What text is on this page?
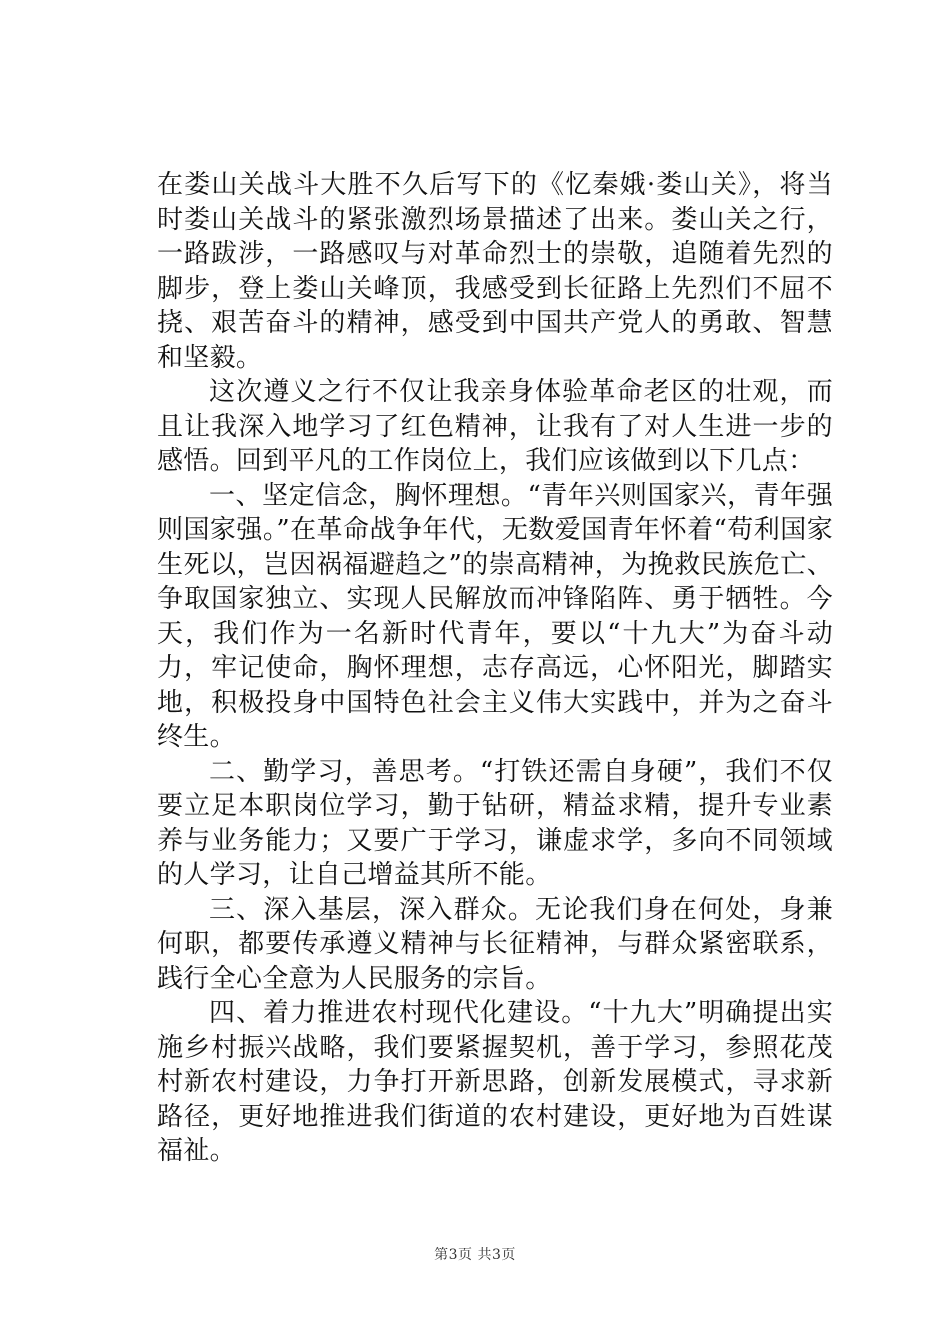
在娄山关战斗大胜不久后写下的《忆秦娥·娄山关》，将当时娄山关战斗的紧张激烈场景描述了出来。娄山关之行，一路跋涉，一路感叹与对革命烈士的崇敬，追随着先烈的脚步，登上娄山关峰顶，我感受到长征路上先烈们不屈不挠、艰苦奋斗的精神，感受到中国共产党人的勇敢、智慧和坚毅。

这次遵义之行不仅让我亲身体验革命老区的壮观，而且让我深入地学习了红色精神，让我有了对人生进一步的感悟。回到平凡的工作岗位上，我们应该做到以下几点：

一、坚定信念，胸怀理想。“青年兴则国家兴，青年强则国家强。”在革命战争年代，无数爱国青年怀着“苟利国家生死以，岂因祸福避趋之”的崇高精神，为挽救民族危亡、争取国家独立、实现人民解放而冲锋陷阵、勇于牺牲。今天，我们作为一名新时代青年，要以“十九大”为奋斗动力，牢记使命，胸怀理想，志存高远，心怀阳光，脚踏实地，积极投身中国特色社会主义伟大实践中，并为之奋斗终生。

二、勤学习，善思考。“打铁还需自身硬”，我们不仅要立足本职岗位学习，勤于钻研，精益求精，提升专业素养与业务能力；又要广于学习，谦虚求学，多向不同领域的人学习，让自己增益其所不能。

三、深入基层，深入群众。无论我们身在何处，身兼何职，都要传承遵义精神与长征精神，与群众紧密联系，践行全心全意为人民服务的宗旨。

四、着力推进农村现代化建设。“十九大”明确提出实施乡村振兴战略，我们要紧握契机，善于学习，参照花茂村新农村建设，力争打开新思路，创新发展模式，寻求新路径，更好地推进我们街道的农村建设，更好地为百姓谋福祉。

第3页 共3页
